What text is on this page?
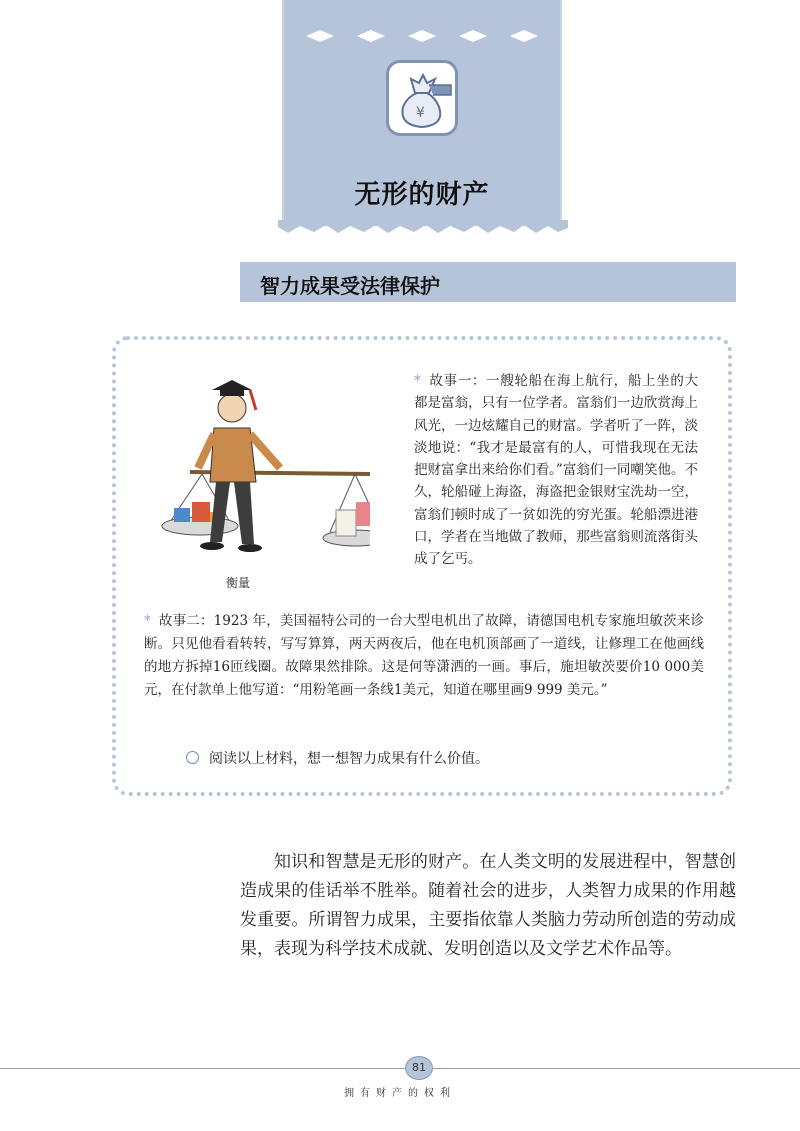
¥
无形的财产
智力成果受法律保护
衡量
* 故事一：一艘轮船在海上航行，船上坐的大都是富翁，只有一位学者。富翁们一边欣赏海上风光，一边炫耀自己的财富。学者听了一阵，淡淡地说：“我才是最富有的人，可惜我现在无法把财富拿出来给你们看。”富翁们一同嘲笑他。不久，轮船碰上海盗，海盗把金银财宝洗劫一空，富翁们顿时成了一贫如洗的穷光蛋。轮船漂进港口，学者在当地做了教师，那些富翁则流落街头成了乞丐。
* 故事二：1923 年，美国福特公司的一台大型电机出了故障，请德国电机专家施坦敏茨来诊断。只见他看看转转，写写算算，两天两夜后，他在电机顶部画了一道线，让修理工在他画线的地方拆掉16匝线圈。故障果然排除。这是何等潇洒的一画。事后，施坦敏茨要价10 000美元，在付款单上他写道：“用粉笔画一条线1美元，知道在哪里画9 999 美元。”
阅读以上材料，想一想智力成果有什么价值。
知识和智慧是无形的财产。在人类文明的发展进程中，智慧创造成果的佳话举不胜举。随着社会的进步，人类智力成果的作用越发重要。所谓智力成果，主要指依靠人类脑力劳动所创造的劳动成果，表现为科学技术成就、发明创造以及文学艺术作品等。
81
拥有财产的权利
